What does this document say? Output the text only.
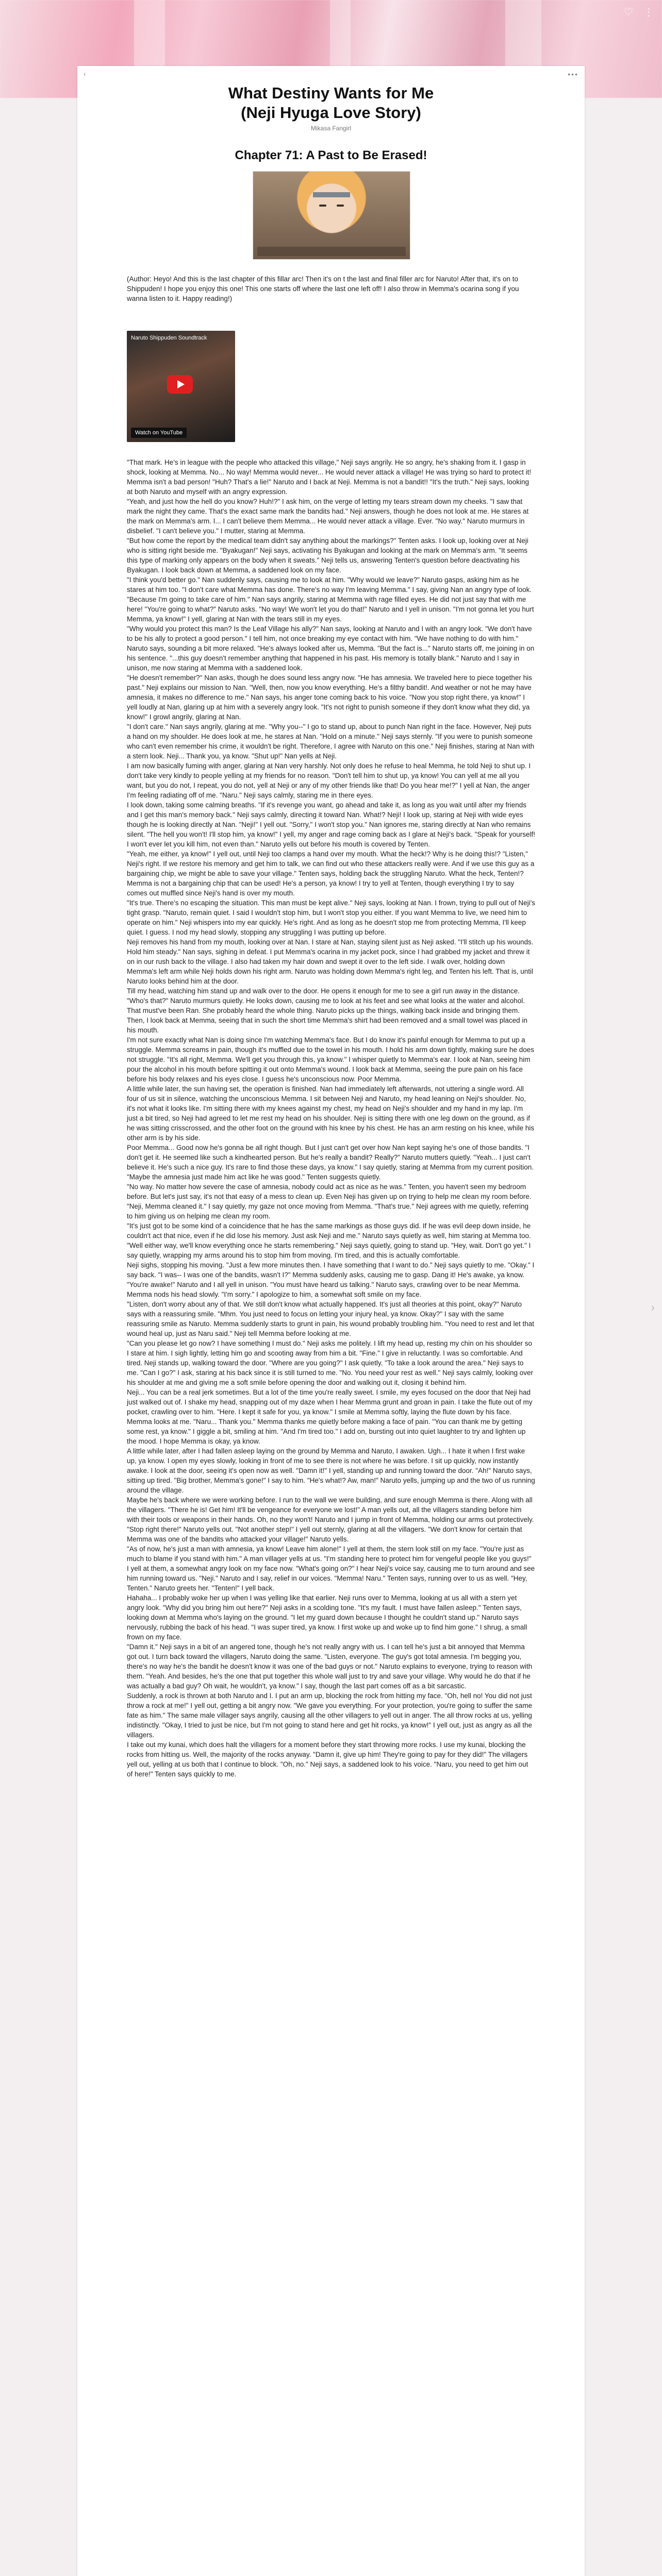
♡ ⋮
‹	•••
What Destiny Wants for Me
(Neji Hyuga Love Story)
Mikasa Fangirl
Chapter 71: A Past to Be Erased!
(Author: Heyo! And this is the last chapter of this fillar arc! Then it's on t the last and final filler arc for Naruto! After that, it's on to Shippuden! I hope you enjoy this one! This one starts off where the last one left off! I also throw in Memma's ocarina song if you wanna listen to it. Happy reading!)
Naruto Shippuden Soundtrack
Watch on YouTube

"That mark. He's in league with the people who attacked this village," Neji says angrily. He so angry, he's shaking from it. I gasp in shock, looking at Memma. No... No way! Memma would never... He would never attack a village! He was trying so hard to protect it! Memma isn't a bad person! "Huh? That's a lie!" Naruto and I back at Neji. Memma is not a bandit!! "It's the truth." Neji says, looking at both Naruto and myself with an angry expression.

"Yeah, and just how the hell do you know? Huh!?" I ask him, on the verge of letting my tears stream down my cheeks. "I saw that mark the night they came. That's the exact same mark the bandits had." Neji answers, though he does not look at me. He stares at the mark on Memma's arm. I... I can't believe them Memma... He would never attack a village. Ever. "No way." Naruto murmurs in disbelief. "I can't believe you." I mutter, staring at Memma.

"But how come the report by the medical team didn't say anything about the markings?" Tenten asks. I look up, looking over at Neji who is sitting right beside me. "Byakugan!" Neji says, activating his Byakugan and looking at the mark on Memma's arm. "It seems this type of marking only appears on the body when it sweats." Neji tells us, answering Tenten's question before deactivating his Byakugan. I look back down at Memma, a saddened look on my face.

"I think you'd better go." Nan suddenly says, causing me to look at him. "Why would we leave?" Naruto gasps, asking him as he stares at him too. "I don't care what Memma has done. There's no way I'm leaving Memma." I say, giving Nan an angry type of look. "Because I'm going to take care of him." Nan says angrily, staring at Memma with rage filled eyes. He did not just say that with me here! "You're going to what?" Naruto asks. "No way! We won't let you do that!" Naruto and I yell in unison. "I'm not gonna let you hurt Memma, ya know!" I yell, glaring at Nan with the tears still in my eyes.

"Why would you protect this man? Is the Leaf Village his ally?" Nan says, looking at Naruto and I with an angry look. "We don't have to be his ally to protect a good person." I tell him, not once breaking my eye contact with him. "We have nothing to do with him." Naruto says, sounding a bit more relaxed. "He's always looked after us, Memma. "But the fact is..." Naruto starts off, me joining in on his sentence. "...this guy doesn't remember anything that happened in his past. His memory is totally blank." Naruto and I say in unison, me now staring at Memma with a saddened look.

"He doesn't remember?" Nan asks, though he does sound less angry now. "He has amnesia. We traveled here to piece together his past." Neji explains our mission to Nan. "Well, then, now you know everything. He's a filthy bandit!. And weather or not he may have amnesia, it makes no difference to me." Nan says, his anger tone coming back to his voice. "Now you stop right there, ya know!" I yell loudly at Nan, glaring up at him with a severely angry look. "It's not right to punish someone if they don't know what they did, ya know!" I growl angrily, glaring at Nan.

"I don't care." Nan says angrily, glaring at me. "Why you--" I go to stand up, about to punch Nan right in the face. However, Neji puts a hand on my shoulder. He does look at me, he stares at Nan. "Hold on a minute." Neji says sternly. "If you were to punish someone who can't even remember his crime, it wouldn't be right. Therefore, I agree with Naruto on this one." Neji finishes, staring at Nan with a stern look. Neji... Thank you, ya know. "Shut up!" Nan yells at Neji.

I am now basically fuming with anger, glaring at Nan very harshly. Not only does he refuse to heal Memma, he told Neji to shut up. I don't take very kindly to people yelling at my friends for no reason. "Don't tell him to shut up, ya know! You can yell at me all you want, but you do not, I repeat, you do not, yell at Neji or any of my other friends like that! Do you hear me!?" I yell at Nan, the anger I'm feeling radiating off of me. "Naru." Neji says calmly, staring me in there eyes.

I look down, taking some calming breaths. "If it's revenge you want, go ahead and take it, as long as you wait until after my friends and I get this man's memory back." Neji says calmly, directing it toward Nan. What!? Neji! I look up, staring at Neji with wide eyes though he is looking directly at Nan. "Neji!" I yell out. "Sorry," I won't stop you." Nan ignores me, staring directly at Nan who remains silent. "The hell you won't! I'll stop him, ya know!" I yell, my anger and rage coming back as I glare at Neji's back. "Speak for yourself! I won't ever let you kill him, not even than." Naruto yells out before his mouth is covered by Tenten.

"Yeah, me either, ya know!" I yell out, until Neji too clamps a hand over my mouth. What the heck!? Why is he doing this!? "Listen," Neji's right. If we restore his memory and get him to talk, we can find out who these attackers really were. And if we use this guy as a bargaining chip, we might be able to save your village." Tenten says, holding back the struggling Naruto. What the heck, Tenten!? Memma is not a bargaining chip that can be used! He's a person, ya know! I try to yell at Tenten, though everything I try to say comes out muffled since Neji's hand is over my mouth.

"It's true. There's no escaping the situation. This man must be kept alive." Neji says, looking at Nan. I frown, trying to pull out of Neji's tight grasp. "Naruto, remain quiet. I said I wouldn't stop him, but I won't stop you either. If you want Memma to live, we need him to operate on him." Neji whispers into my ear quickly. He's right. And as long as he doesn't stop me from protecting Memma, I'll keep quiet. I guess. I nod my head slowly, stopping any struggling I was putting up before.

Neji removes his hand from my mouth, looking over at Nan. I stare at Nan, staying silent just as Neji asked. "I'll stitch up his wounds. Hold him steady." Nan says, sighing in defeat. I put Memma's ocarina in my jacket pock, since I had grabbed my jacket and threw it on in our rush back to the village. I also had taken my hair down and swept it over to the left side. I walk over, holding down Memma's left arm while Neji holds down his right arm. Naruto was holding down Memma's right leg, and Tenten his left. That is, until Naruto looks behind him at the door.

Till my head, watching him stand up and walk over to the door. He opens it enough for me to see a girl run away in the distance. "Who's that?" Naruto murmurs quietly. He looks down, causing me to look at his feet and see what looks at the water and alcohol. That must've been Ran. She probably heard the whole thing. Naruto picks up the things, walking back inside and bringing them. Then, I look back at Memma, seeing that in such the short time Memma's shirt had been removed and a small towel was placed in his mouth.

I'm not sure exactly what Nan is doing since I'm watching Memma's face. But I do know it's painful enough for Memma to put up a struggle. Memma screams in pain, though it's muffled due to the towel in his mouth. I hold his arm down tightly, making sure he does not struggle. "It's all right, Memma. We'll get you through this, ya know." I whisper quietly to Memma's ear. I look at Nan, seeing him pour the alcohol in his mouth before spitting it out onto Memma's wound. I look back at Memma, seeing the pure pain on his face before his body relaxes and his eyes close. I guess he's unconscious now. Poor Memma.

A little while later, the sun having set, the operation is finished. Nan had immediately left afterwards, not uttering a single word. All four of us sit in silence, watching the unconscious Memma. I sit between Neji and Naruto, my head leaning on Neji's shoulder. No, it's not what it looks like. I'm sitting there with my knees against my chest, my head on Neji's shoulder and my hand in my lap. I'm just a bit tired, so Neji had agreed to let me rest my head on his shoulder. Neji is sitting there with one leg down on the ground, as if he was sitting crisscrossed, and the other foot on the ground with his knee by his chest. He has an arm resting on his knee, while his other arm is by his side.

Poor Memma... Good now he's gonna be all right though. But I just can't get over how Nan kept saying he's one of those bandits. "I don't get it. He seemed like such a kindhearted person. But he's really a bandit? Really?" Naruto mutters quietly. "Yeah... I just can't believe it. He's such a nice guy. It's rare to find those these days, ya know." I say quietly, staring at Memma from my current position. "Maybe the amnesia just made him act like he was good." Tenten suggests quietly.

"No way. No matter how severe the case of amnesia, nobody could act as nice as he was." Tenten, you haven't seen my bedroom before. But let's just say, it's not that easy of a mess to clean up. Even Neji has given up on trying to help me clean my room before. "Neji, Memma cleaned it." I say quietly, my gaze not once moving from Memma. "That's true." Neji agrees with me quietly, referring to him giving us on helping me clean my room.

"It's just got to be some kind of a coincidence that he has the same markings as those guys did. If he was evil deep down inside, he couldn't act that nice, even if he did lose his memory. Just ask Neji and me." Naruto says quietly as well, him staring at Memma too. "Well either way, we'll know everything once he starts remembering." Neji says quietly, going to stand up. "Hey, wait. Don't go yet." I say quietly, wrapping my arms around his to stop him from moving. I'm tired, and this is actually comfortable.

Neji sighs, stopping his moving. "Just a few more minutes then. I have something that I want to do." Neji says quietly to me. "Okay." I say back. "I was-- I was one of the bandits, wasn't I?" Memma suddenly asks, causing me to gasp. Dang it! He's awake, ya know. "You're awake!" Naruto and I all yell in unison. "You must have heard us talking." Naruto says, crawling over to be near Memma. Memma nods his head slowly. "I'm sorry." I apologize to him, a somewhat soft smile on my face.

"Listen, don't worry about any of that. We still don't know what actually happened. It's just all theories at this point, okay?" Naruto says with a reassuring smile. "Mhm. You just need to focus on letting your injury heal, ya know. Okay?" I say with the same reassuring smile as Naruto. Memma suddenly starts to grunt in pain, his wound probably troubling him. "You need to rest and let that wound heal up, just as Naru said." Neji tell Memma before looking at me.

"Can you please let go now? I have something I must do." Neji asks me politely. I lift my head up, resting my chin on his shoulder so I stare at him. I sigh lightly, letting him go and scooting away from him a bit. "Fine." I give in reluctantly. I was so comfortable. And tired. Neji stands up, walking toward the door. "Where are you going?" I ask quietly. "To take a look around the area." Neji says to me. "Can I go?" I ask, staring at his back since it is still turned to me. "No. You need your rest as well." Neji says calmly, looking over his shoulder at me and giving me a soft smile before opening the door and walking out it, closing it behind him.

Neji... You can be a real jerk sometimes. But a lot of the time you're really sweet. I smile, my eyes focused on the door that Neji had just walked out of. I shake my head, snapping out of my daze when I hear Memma grunt and groan in pain. I take the flute out of my pocket, crawling over to him. "Here. I kept it safe for you, ya know." I smile at Memma softly, laying the flute down by his face. Memma looks at me. "Naru... Thank you." Memma thanks me quietly before making a face of pain. "You can thank me by getting some rest, ya know." I giggle a bit, smiling at him. "And I'm tired too." I add on, bursting out into quiet laughter to try and lighten up the mood. I hope Memma is okay, ya know.

A little while later, after I had fallen asleep laying on the ground by Memma and Naruto, I awaken. Ugh... I hate it when I first wake up, ya know. I open my eyes slowly, looking in front of me to see there is not where he was before. I sit up quickly, now instantly awake. I look at the door, seeing it's open now as well. "Damn it!" I yell, standing up and running toward the door. "Ah!" Naruto says, sitting up tired. "Big brother, Memma's gone!" I say to him. "He's what!? Aw, man!" Naruto yells, jumping up and the two of us running around the village.

Maybe he's back where we were working before. I run to the wall we were building, and sure enough Memma is there. Along with all the villagers. "There he is! Get him! It'll be vengeance for everyone we lost!" A man yells out, all the villagers standing before him with their tools or weapons in their hands. Oh, no they won't! Naruto and I jump in front of Memma, holding our arms out protectively. "Stop right there!" Naruto yells out. "Not another step!" I yell out sternly, glaring at all the villagers. "We don't know for certain that Memma was one of the bandits who attacked your village!" Naruto yells.

"As of now, he's just a man with amnesia, ya know! Leave him alone!" I yell at them, the stern look still on my face. "You're just as much to blame if you stand with him." A man villager yells at us. "I'm standing here to protect him for vengeful people like you guys!" I yell at them, a somewhat angry look on my face now. "What's going on?" I hear Neji's voice say, causing me to turn around and see him running toward us. "Neji." Naruto and I say, relief in our voices. "Memma! Naru." Tenten says, running over to us as well. "Hey, Tenten." Naruto greets her. "Tenten!" I yell back.

Hahaha... I probably woke her up when I was yelling like that earlier. Neji runs over to Memma, looking at us all with a stern yet angry look. "Why did you bring him out here?" Neji asks in a scolding tone. "It's my fault. I must have fallen asleep." Tenten says, looking down at Memma who's laying on the ground. "I let my guard down because I thought he couldn't stand up." Naruto says nervously, rubbing the back of his head. "I was super tired, ya know. I first woke up and woke up to find him gone." I shrug, a small frown on my face.

"Damn it." Neji says in a bit of an angered tone, though he's not really angry with us. I can tell he's just a bit annoyed that Memma got out. I turn back toward the villagers, Naruto doing the same. "Listen, everyone. The guy's got total amnesia. I'm begging you, there's no way he's the bandit he doesn't know it was one of the bad guys or not." Naruto explains to everyone, trying to reason with them. "Yeah. And besides, he's the one that put together this whole wall just to try and save your village. Why would he do that if he was actually a bad guy? Oh wait, he wouldn't, ya know." I say, though the last part comes off as a bit sarcastic.

Suddenly, a rock is thrown at both Naruto and I. I put an arm up, blocking the rock from hitting my face. "Oh, hell no! You did not just throw a rock at me!" I yell out, getting a bit angry now. "We gave you everything. For your protection, you're going to suffer the same fate as him." The same male villager says angrily, causing all the other villagers to yell out in anger. The all throw rocks at us, yelling indistinctly. "Okay, I tried to just be nice, but I'm not going to stand here and get hit rocks, ya know!" I yell out, just as angry as all the villagers.

I take out my kunai, which does halt the villagers for a moment before they start throwing more rocks. I use my kunai, blocking the rocks from hitting us. Well, the majority of the rocks anyway. "Damn it, give up him! They're going to pay for they did!" The villagers yell out, yelling at us both that I continue to block. "Oh, no." Neji says, a saddened look to his voice. "Naru, you need to get him out of here!" Tenten says quickly to me.

›
